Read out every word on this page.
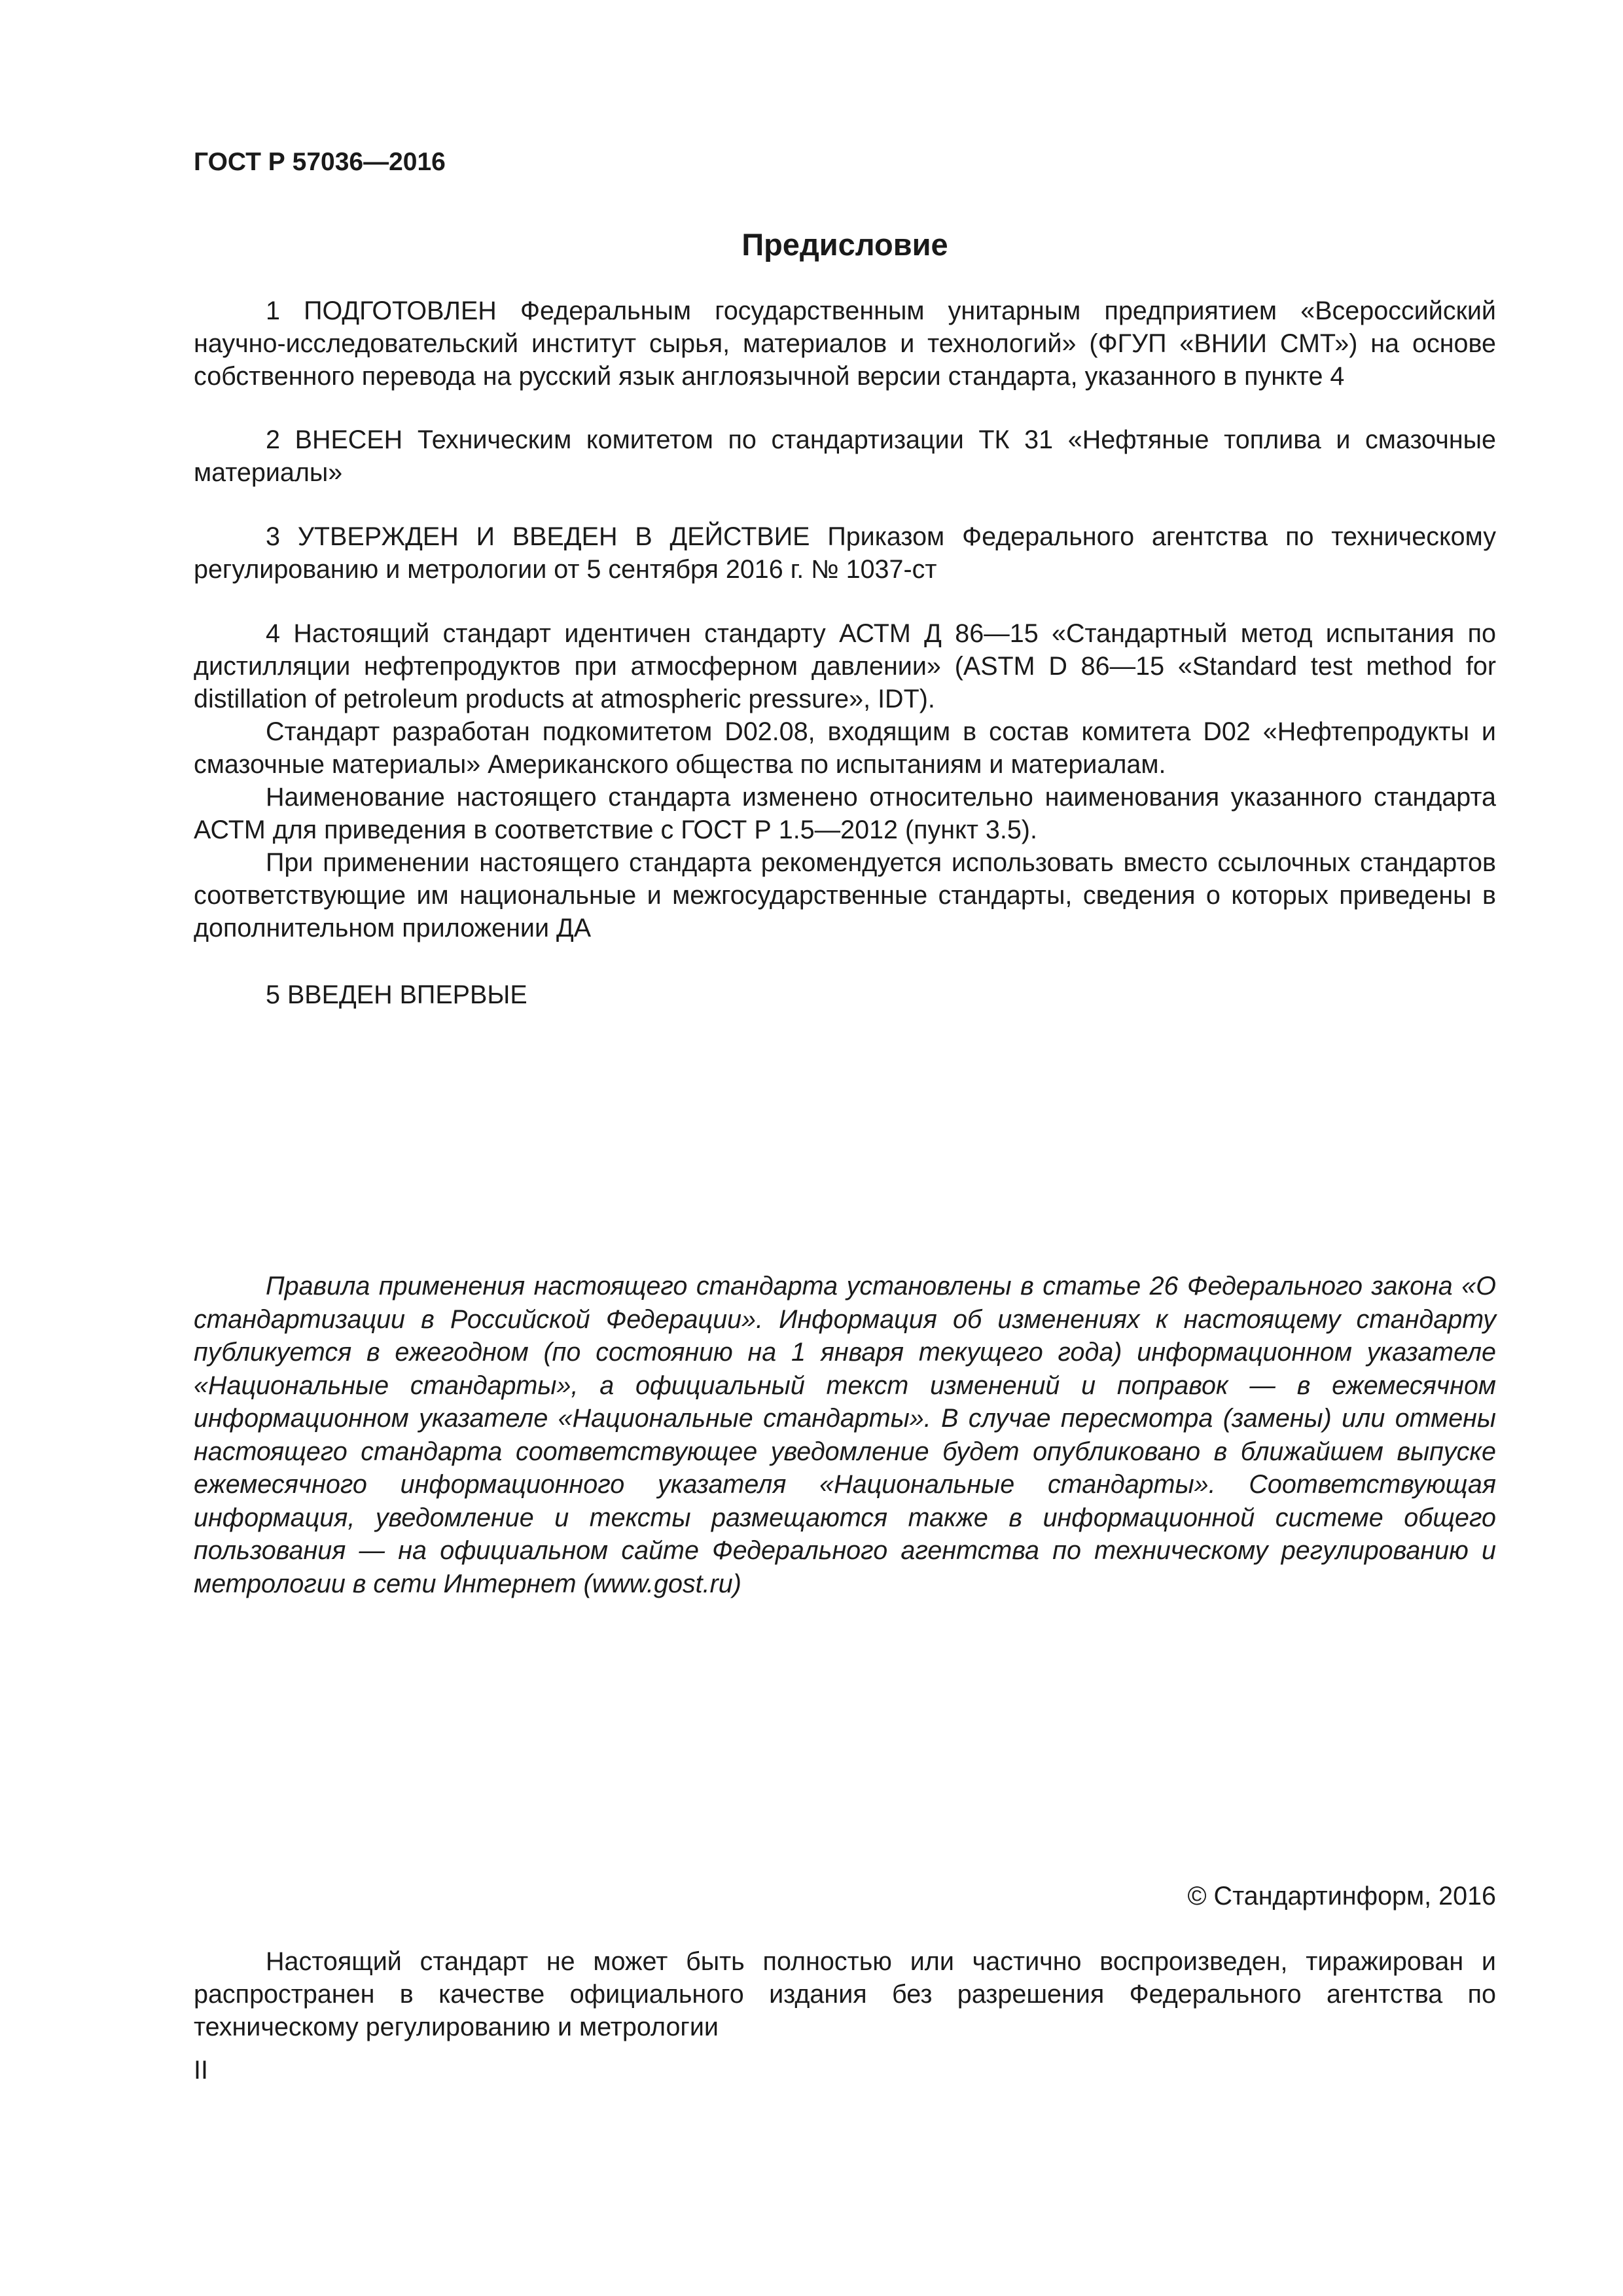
ГОСТ Р 57036—2016
Предисловие

1 ПОДГОТОВЛЕН Федеральным государственным унитарным предприятием «Всероссийский научно-исследовательский институт сырья, материалов и технологий» (ФГУП «ВНИИ СМТ») на основе собственного перевода на русский язык англоязычной версии стандарта, указанного в пункте 4

2 ВНЕСЕН Техническим комитетом по стандартизации ТК 31 «Нефтяные топлива и смазочные материалы»

3 УТВЕРЖДЕН И ВВЕДЕН В ДЕЙСТВИЕ Приказом Федерального агентства по техническому регулированию и метрологии от 5 сентября 2016 г. № 1037-ст

4 Настоящий стандарт идентичен стандарту АСТМ Д 86—15 «Стандартный метод испытания по дистилляции нефтепродуктов при атмосферном давлении» (ASTM D 86—15 «Standard test method for distillation of petroleum products at atmospheric pressure», IDT).

Стандарт разработан подкомитетом D02.08, входящим в состав комитета D02 «Нефтепродукты и смазочные материалы» Американского общества по испытаниям и материалам.

Наименование настоящего стандарта изменено относительно наименования указанного стандарта АСТМ для приведения в соответствие с ГОСТ Р 1.5—2012 (пункт 3.5).

При применении настоящего стандарта рекомендуется использовать вместо ссылочных стандартов соответствующие им национальные и межгосударственные стандарты, сведения о которых приведены в дополнительном приложении ДА

5 ВВЕДЕН ВПЕРВЫЕ

Правила применения настоящего стандарта установлены в статье 26 Федерального закона «О стандартизации в Российской Федерации». Информация об изменениях к настоящему стандарту публикуется в ежегодном (по состоянию на 1 января текущего года) информационном указателе «Национальные стандарты», а официальный текст изменений и поправок — в ежемесячном информационном указателе «Национальные стандарты». В случае пересмотра (замены) или отмены настоящего стандарта соответствующее уведомление будет опубликовано в ближайшем выпуске ежемесячного информационного указателя «Национальные стандарты». Соответствующая информация, уведомление и тексты размещаются также в информационной системе общего пользования — на официальном сайте Федерального агентства по техническому регулированию и метрологии в сети Интернет (www.gost.ru)

© Стандартинформ, 2016

Настоящий стандарт не может быть полностью или частично воспроизведен, тиражирован и распространен в качестве официального издания без разрешения Федерального агентства по техническому регулированию и метрологии

II
